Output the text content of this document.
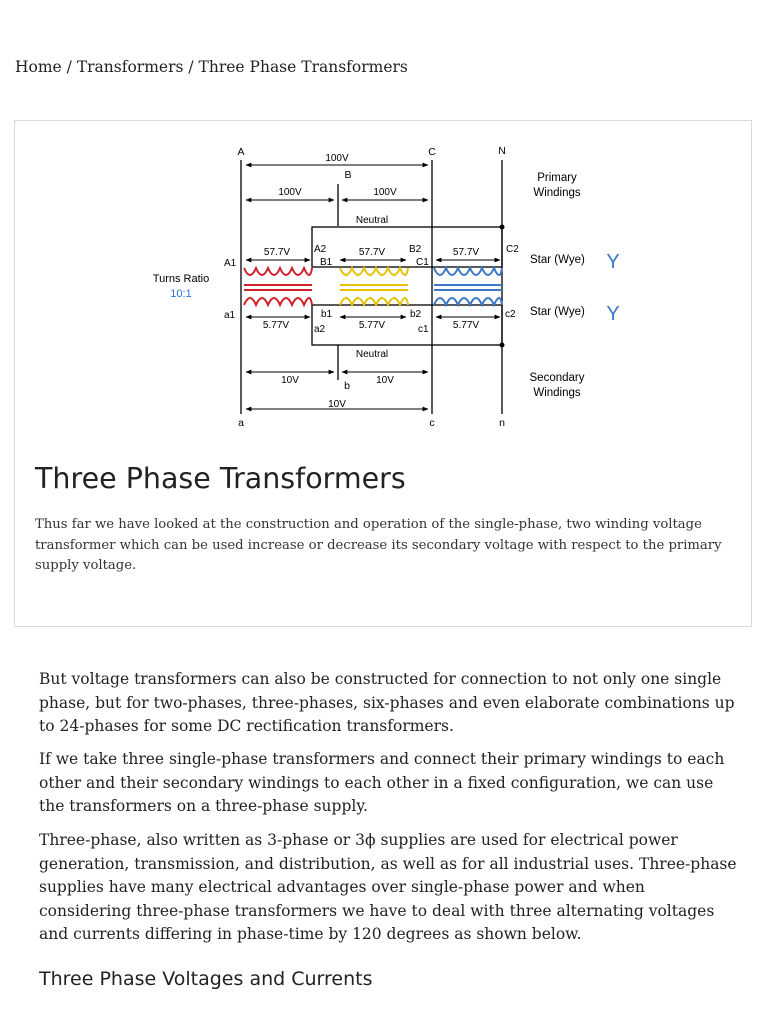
Home / Transformers / Three Phase Transformers
A
B
C	N
a
b
c	n
A1
A2
B1
B2
C1
C2
a1	b1
a2
b2
c1
c2
100V
100V	100V
57.7V	57.7V	57.7V
5.77V	5.77V	5.77V
10V	10V
10V
Neutral
Neutral
Turns Ratio
10:1
Primary
Windings
Secondary
Windings
Star (Wye)
Star (Wye)
Y
Y
Three Phase Transformers

Thus far we have looked at the construction and operation of the single-phase, two winding voltage transformer which can be used increase or decrease its secondary voltage with respect to the primary supply voltage.

But voltage transformers can also be constructed for connection to not only one single phase, but for two-phases, three-phases, six-phases and even elaborate combinations up to 24-phases for some DC rectification transformers.

If we take three single-phase transformers and connect their primary windings to each other and their secondary windings to each other in a fixed configuration, we can use the transformers on a three-phase supply.

Three-phase, also written as 3-phase or 3ϕ supplies are used for electrical power generation, transmission, and distribution, as well as for all industrial uses. Three-phase supplies have many electrical advantages over single-phase power and when considering three-phase transformers we have to deal with three alternating voltages and currents differing in phase-time by 120 degrees as shown below.

Three Phase Voltages and Currents
